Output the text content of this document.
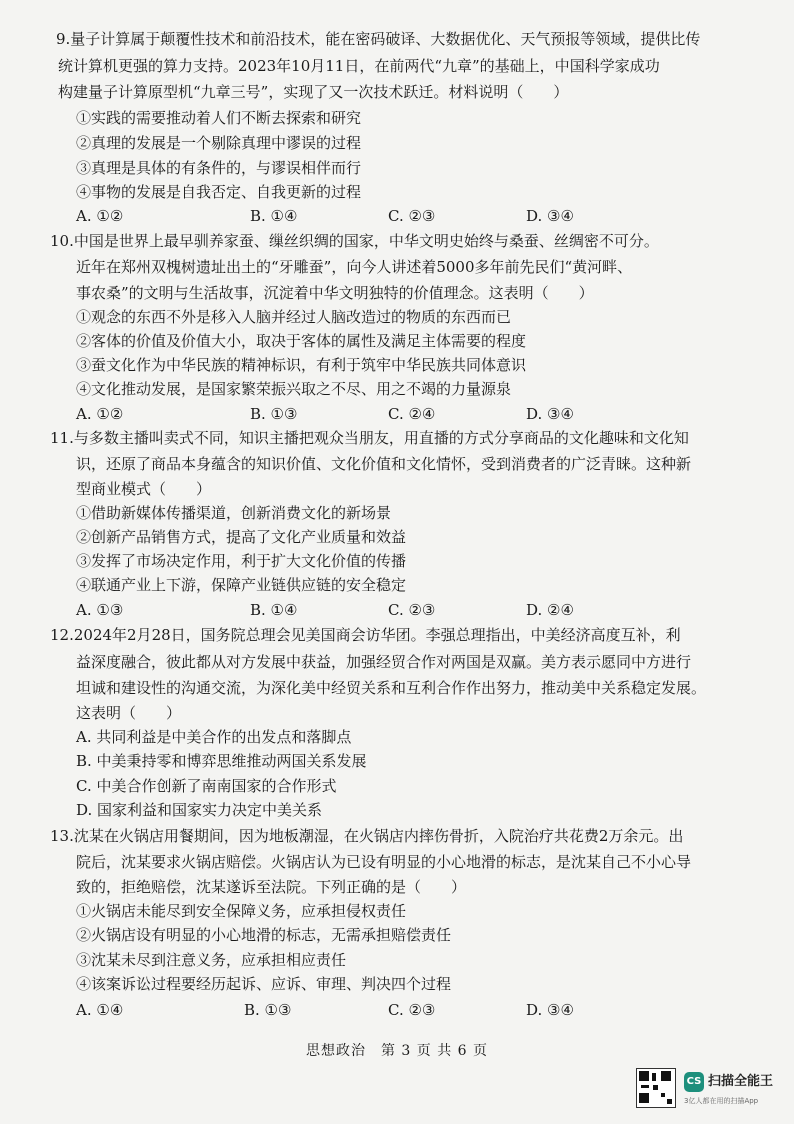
9.量子计算属于颠覆性技术和前沿技术，能在密码破译、大数据优化、天气预报等领域，提供比传
统计算机更强的算力支持。2023年10月11日，在前两代“九章”的基础上，中国科学家成功
构建量子计算原型机“九章三号”，实现了又一次技术跃迁。材料说明（　　）
①实践的需要推动着人们不断去探索和研究
②真理的发展是一个剔除真理中谬误的过程
③真理是具体的有条件的，与谬误相伴而行
④事物的发展是自我否定、自我更新的过程
A. ①②	B. ①④	C. ②③	D. ③④
10.中国是世界上最早驯养家蚕、缫丝织绸的国家，中华文明史始终与桑蚕、丝绸密不可分。
近年在郑州双槐树遗址出土的“牙雕蚕”，向今人讲述着5000多年前先民们“黄河畔、
事农桑”的文明与生活故事，沉淀着中华文明独特的价值理念。这表明（　　）
①观念的东西不外是移入人脑并经过人脑改造过的物质的东西而已
②客体的价值及价值大小，取决于客体的属性及满足主体需要的程度
③蚕文化作为中华民族的精神标识，有利于筑牢中华民族共同体意识
④文化推动发展，是国家繁荣振兴取之不尽、用之不竭的力量源泉
A. ①②	B. ①③	C. ②④	D. ③④
11.与多数主播叫卖式不同，知识主播把观众当朋友，用直播的方式分享商品的文化趣味和文化知
识，还原了商品本身蕴含的知识价值、文化价值和文化情怀，受到消费者的广泛青睐。这种新
型商业模式（　　）
①借助新媒体传播渠道，创新消费文化的新场景
②创新产品销售方式，提高了文化产业质量和效益
③发挥了市场决定作用，利于扩大文化价值的传播
④联通产业上下游，保障产业链供应链的安全稳定
A. ①③	B. ①④	C. ②③	D. ②④
12.2024年2月28日，国务院总理会见美国商会访华团。李强总理指出，中美经济高度互补，利
益深度融合，彼此都从对方发展中获益，加强经贸合作对两国是双赢。美方表示愿同中方进行
坦诚和建设性的沟通交流，为深化美中经贸关系和互利合作作出努力，推动美中关系稳定发展。
这表明（　　）
A. 共同利益是中美合作的出发点和落脚点
B. 中美秉持零和博弈思维推动两国关系发展
C. 中美合作创新了南南国家的合作形式
D. 国家利益和国家实力决定中美关系
13.沈某在火锅店用餐期间，因为地板潮湿，在火锅店内摔伤骨折，入院治疗共花费2万余元。出
院后，沈某要求火锅店赔偿。火锅店认为已设有明显的小心地滑的标志，是沈某自己不小心导
致的，拒绝赔偿，沈某遂诉至法院。下列正确的是（　　）
①火锅店未能尽到安全保障义务，应承担侵权责任
②火锅店设有明显的小心地滑的标志，无需承担赔偿责任
③沈某未尽到注意义务，应承担相应责任
④该案诉讼过程要经历起诉、应诉、审理、判决四个过程
A. ①④	B. ①③	C. ②③	D. ③④
思想政治　第 3 页 共 6 页
CS 扫描全能王
3亿人都在用的扫描App
